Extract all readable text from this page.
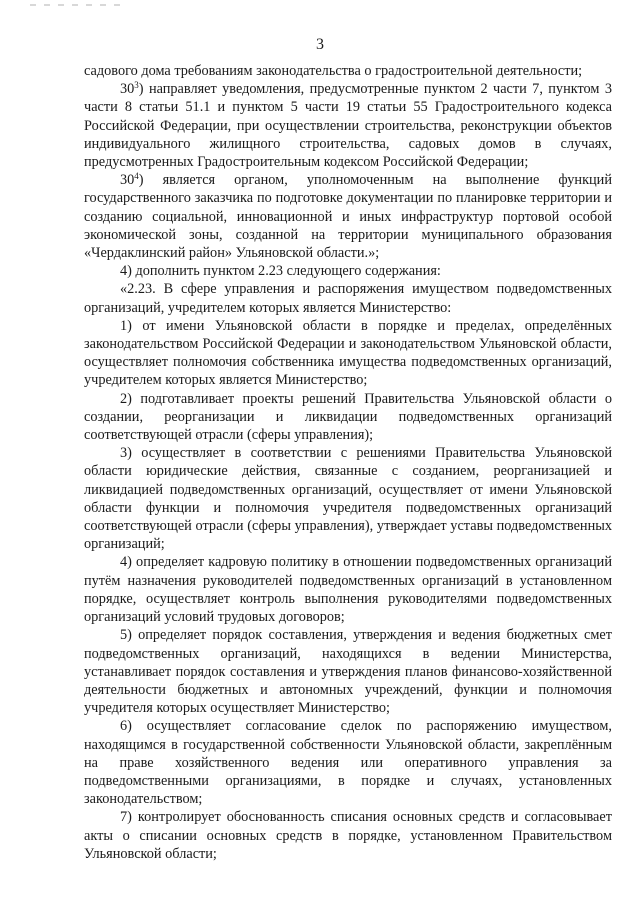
3

садового дома требованиям законодательства о градостроительной деятельности;

$30^3$) направляет уведомления, предусмотренные пунктом 2 части 7, пунктом 3 части 8 статьи 51.1 и пунктом 5 части 19 статьи 55 Градостроительного кодекса Российской Федерации, при осуществлении строительства, реконструкции объектов индивидуального жилищного строительства, садовых домов в случаях, предусмотренных Градостроительным кодексом Российской Федерации;

$30^4$) является органом, уполномоченным на выполнение функций государственного заказчика по подготовке документации по планировке территории и созданию социальной, инновационной и иных инфраструктур портовой особой экономической зоны, созданной на территории муниципального образования «Чердаклинский район» Ульяновской области.»;

4) дополнить пунктом 2.23 следующего содержания:

«2.23. В сфере управления и распоряжения имуществом подведомственных организаций, учредителем которых является Министерство:

1) от имени Ульяновской области в порядке и пределах, определённых законодательством Российской Федерации и законодательством Ульяновской области, осуществляет полномочия собственника имущества подведомственных организаций, учредителем которых является Министерство;

2) подготавливает проекты решений Правительства Ульяновской области о создании, реорганизации и ликвидации подведомственных организаций соответствующей отрасли (сферы управления);

3) осуществляет в соответствии с решениями Правительства Ульяновской области юридические действия, связанные с созданием, реорганизацией и ликвидацией подведомственных организаций, осуществляет от имени Ульяновской области функции и полномочия учредителя подведомственных организаций соответствующей отрасли (сферы управления), утверждает уставы подведомственных организаций;

4) определяет кадровую политику в отношении подведомственных организаций путём назначения руководителей подведомственных организаций в установленном порядке, осуществляет контроль выполнения руководителями подведомственных организаций условий трудовых договоров;

5) определяет порядок составления, утверждения и ведения бюджетных смет подведомственных организаций, находящихся в ведении Министерства, устанавливает порядок составления и утверждения планов финансово-хозяйственной деятельности бюджетных и автономных учреждений, функции и полномочия учредителя которых осуществляет Министерство;

6) осуществляет согласование сделок по распоряжению имуществом, находящимся в государственной собственности Ульяновской области, закреплённым на праве хозяйственного ведения или оперативного управления за подведомственными организациями, в порядке и случаях, установленных законодательством;

7) контролирует обоснованность списания основных средств и согласовывает акты о списании основных средств в порядке, установленном Правительством Ульяновской области;
